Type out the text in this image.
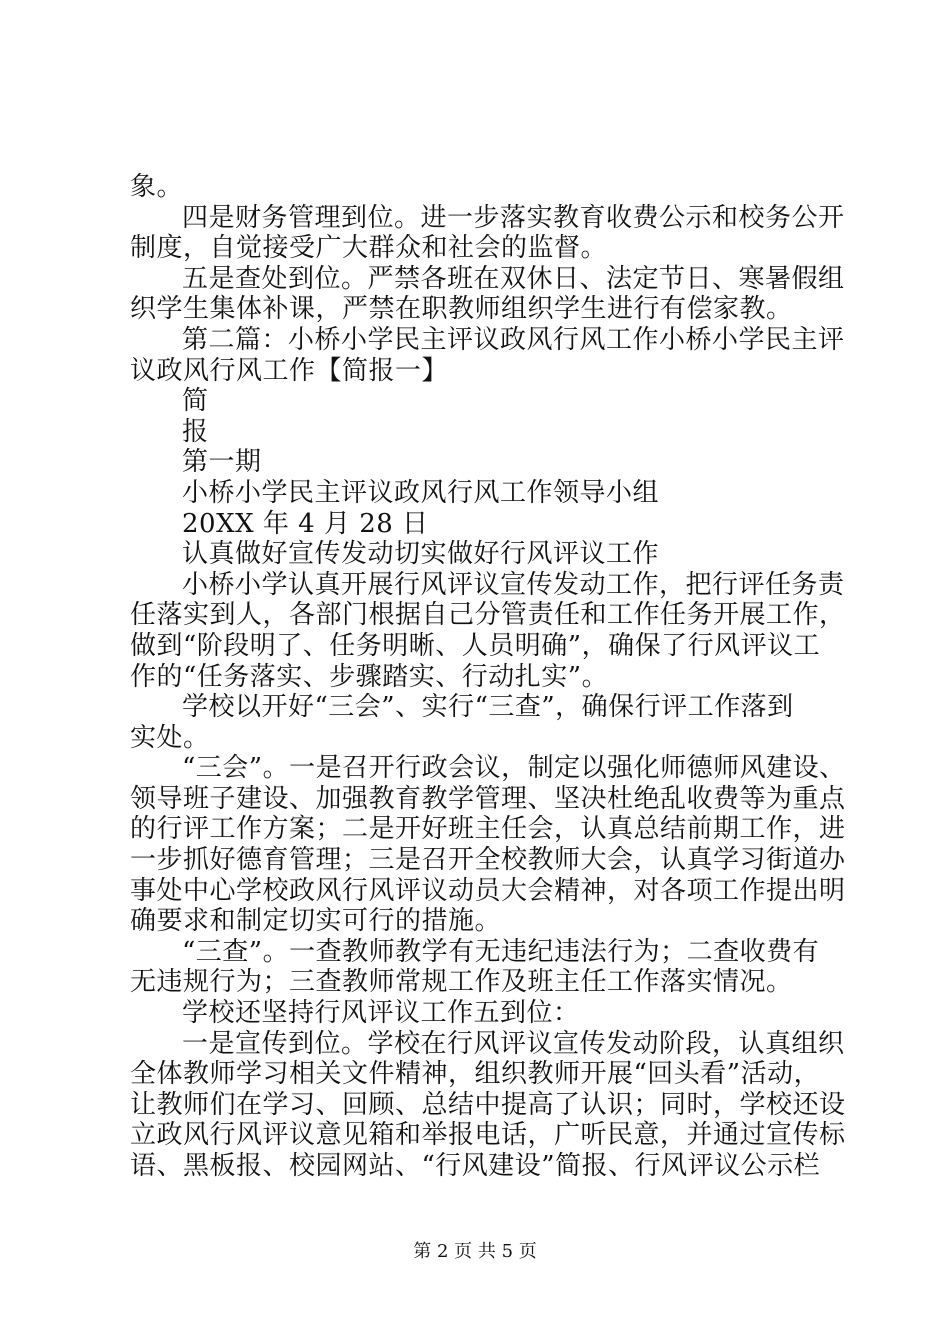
象。
四是财务管理到位。进一步落实教育收费公示和校务公开
制度，自觉接受广大群众和社会的监督。
五是查处到位。严禁各班在双休日、法定节日、寒暑假组
织学生集体补课，严禁在职教师组织学生进行有偿家教。
第二篇：小桥小学民主评议政风行风工作小桥小学民主评
议政风行风工作【简报一】
简
报
第一期
小桥小学民主评议政风行风工作领导小组
20XX 年 4 月 28 日
认真做好宣传发动切实做好行风评议工作
小桥小学认真开展行风评议宣传发动工作，把行评任务责
任落实到人，各部门根据自己分管责任和工作任务开展工作，
做到“阶段明了、任务明晰、人员明确”，确保了行风评议工
作的“任务落实、步骤踏实、行动扎实”。
学校以开好“三会”、实行“三查”，确保行评工作落到
实处。
“三会”。一是召开行政会议，制定以强化师德师风建设、
领导班子建设、加强教育教学管理、坚决杜绝乱收费等为重点
的行评工作方案；二是开好班主任会，认真总结前期工作，进
一步抓好德育管理；三是召开全校教师大会，认真学习街道办
事处中心学校政风行风评议动员大会精神，对各项工作提出明
确要求和制定切实可行的措施。
“三查”。一查教师教学有无违纪违法行为；二查收费有
无违规行为；三查教师常规工作及班主任工作落实情况。
学校还坚持行风评议工作五到位：
一是宣传到位。学校在行风评议宣传发动阶段，认真组织
全体教师学习相关文件精神，组织教师开展“回头看”活动，
让教师们在学习、回顾、总结中提高了认识；同时，学校还设
立政风行风评议意见箱和举报电话，广听民意，并通过宣传标
语、黑板报、校园网站、“行风建设”简报、行风评议公示栏
第 2 页 共 5 页
